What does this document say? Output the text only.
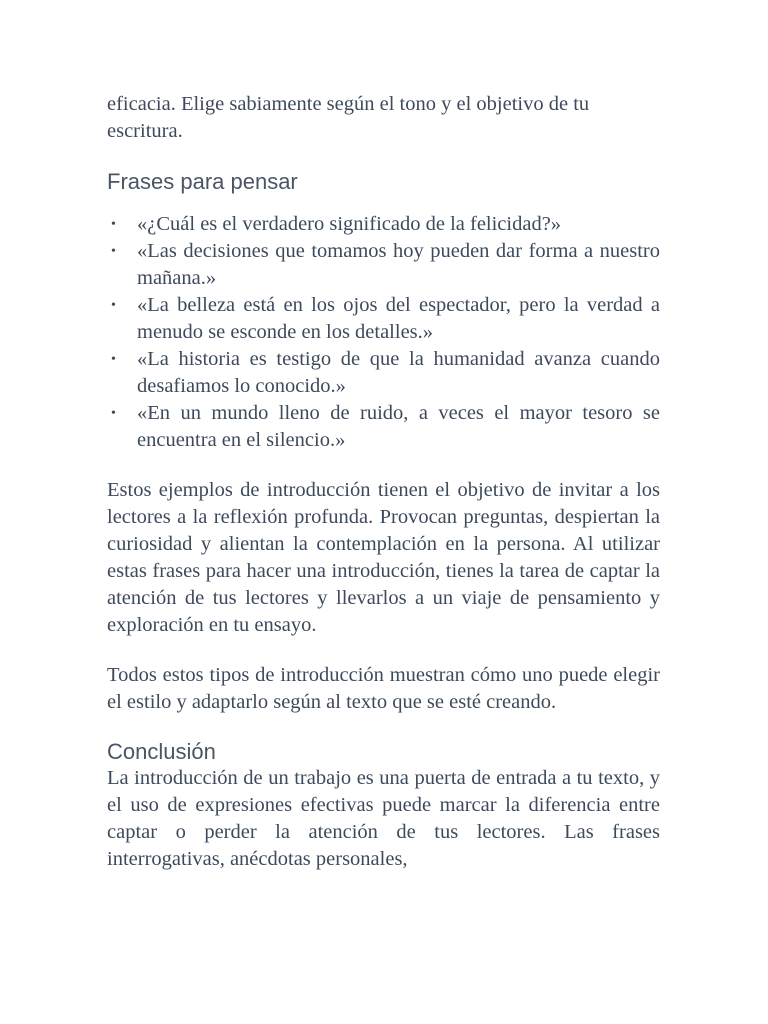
eficacia. Elige sabiamente según el tono y el objetivo de tu escritura.

Frases para pensar
• «¿Cuál es el verdadero significado de la felicidad?»
• «Las decisiones que tomamos hoy pueden dar forma a nuestro mañana.»
• «La belleza está en los ojos del espectador, pero la verdad a menudo se esconde en los detalles.»
• «La historia es testigo de que la humanidad avanza cuando desafiamos lo conocido.»
• «En un mundo lleno de ruido, a veces el mayor tesoro se encuentra en el silencio.»

Estos ejemplos de introducción tienen el objetivo de invitar a los lectores a la reflexión profunda. Provocan preguntas, despiertan la curiosidad y alientan la contemplación en la persona. Al utilizar estas frases para hacer una introducción, tienes la tarea de captar la atención de tus lectores y llevarlos a un viaje de pensamiento y exploración en tu ensayo.

Todos estos tipos de introducción muestran cómo uno puede elegir el estilo y adaptarlo según al texto que se esté creando.

Conclusión

La introducción de un trabajo es una puerta de entrada a tu texto, y el uso de expresiones efectivas puede marcar la diferencia entre captar o perder la atención de tus lectores. Las frases interrogativas, anécdotas personales,
